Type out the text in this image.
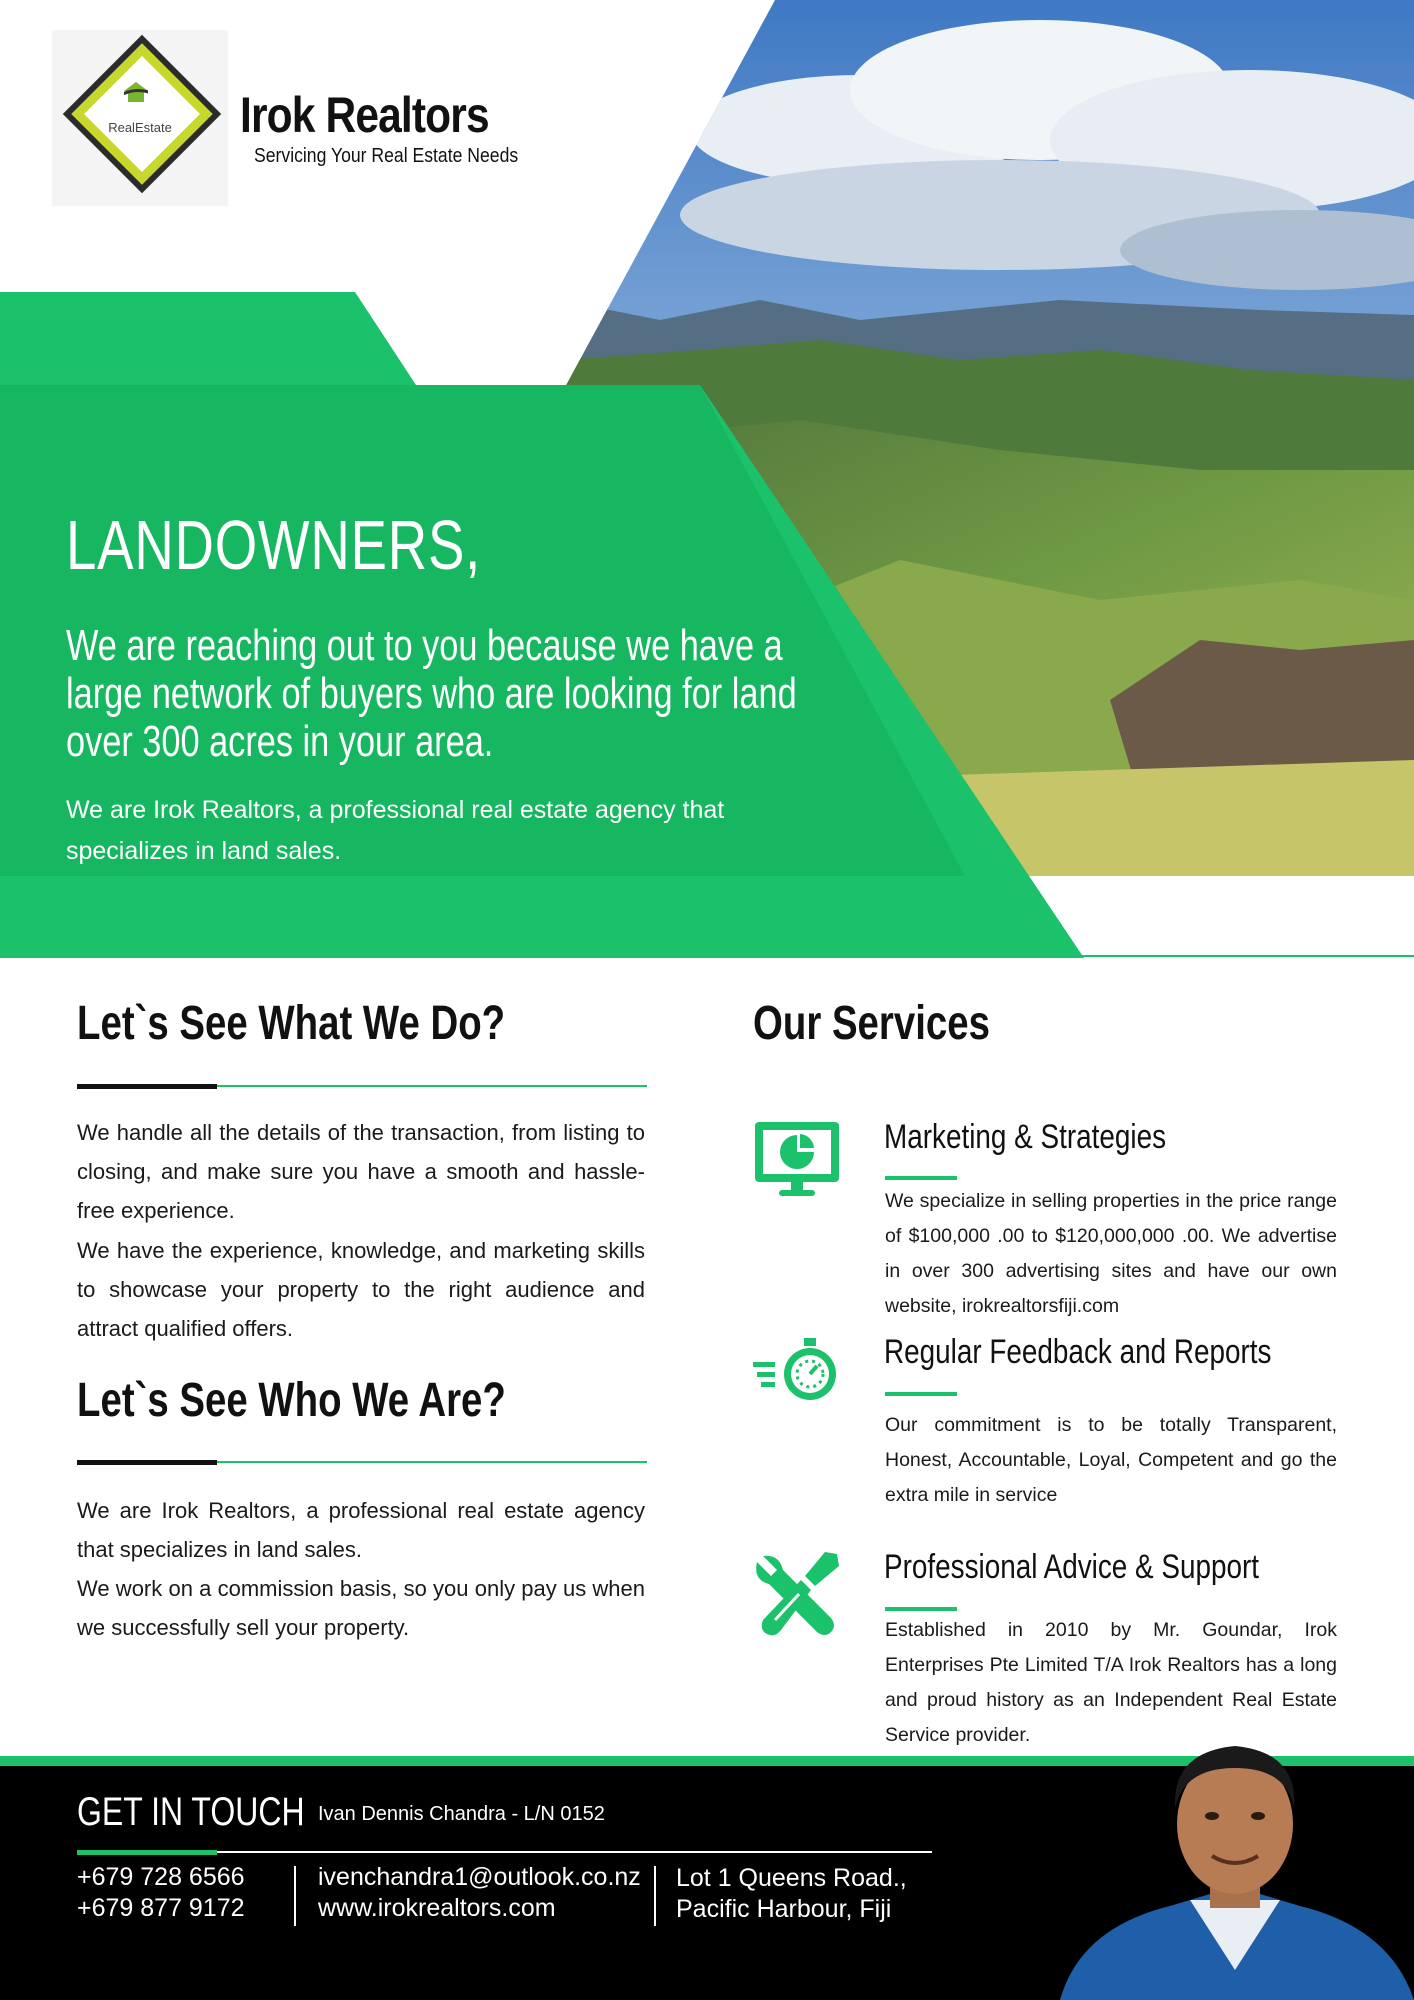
RealEstate	Irok Realtors
Servicing Your Real Estate Needs
LANDOWNERS,
We are reaching out to you because we have a large network of buyers who are looking for land over 300 acres in your area.
We are Irok Realtors, a professional real estate agency that specializes in land sales.
Let`s See What We Do?
We handle all the details of the transaction, from listing to closing, and make sure you have a smooth and hassle-free experience.
We have the experience, knowledge, and marketing skills to showcase your property to the right audience and attract qualified offers.
Let`s See Who We Are?
We are Irok Realtors, a professional real estate agency that specializes in land sales.
We work on a commission basis, so you only pay us when we successfully sell your property.
Our Services
Marketing & Strategies
We specialize in selling properties in the price range of $100,000 .00 to $120,000,000 .00. We advertise in over 300 advertising sites and have our own website, irokrealtorsfiji.com
Regular Feedback and Reports
Our commitment is to be totally Transparent, Honest, Accountable, Loyal, Competent and go the extra mile in service
Professional Advice & Support
Established in 2010 by Mr. Goundar, Irok Enterprises Pte Limited T/A Irok Realtors has a long and proud history as an Independent Real Estate Service provider.
GET IN TOUCH Ivan Dennis Chandra - L/N 0152
+679 728 6566
+679 877 9172
ivenchandra1@outlook.co.nz
www.irokrealtors.com
Lot 1 Queens Road.,
Pacific Harbour, Fiji
